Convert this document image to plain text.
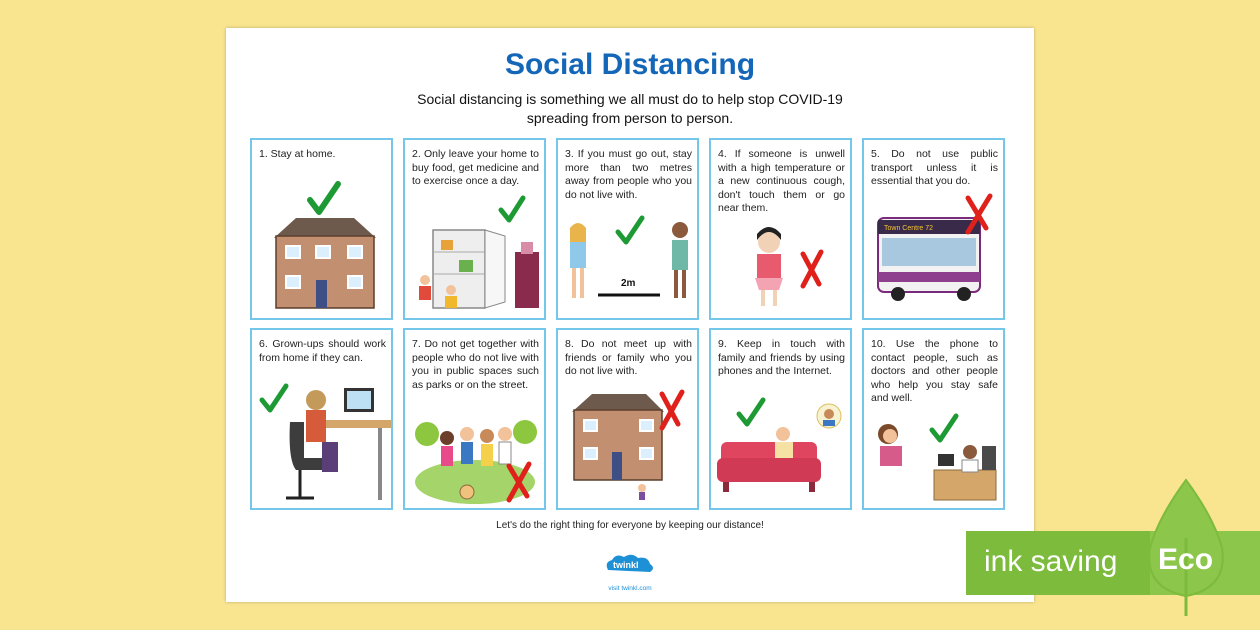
Social Distancing
Social distancing is something we all must do to help stop COVID-19 spreading from person to person.
1. Stay at home.	2. Only leave your home to buy food, get medicine and to exercise once a day.
2m
3. If you must go out, stay more than two metres away from people who you do not live with.
4. If someone is unwell with a high temperature or a new continuous cough, don't touch them or go near them.
Town Centre 72
5. Do not use public transport unless it is essential that you do.
6. Grown-ups should work from home if they can.
7. Do not get together with people who do not live with you in public spaces such as parks or on the street.
8. Do not meet up with friends or family who you do not live with.
9. Keep in touch with family and friends by using phones and the Internet.
10. Use the phone to contact people, such as doctors and other people who help you stay safe and well.
Let's do the right thing for everyone by keeping our distance!
twinkl
visit twinkl.com
ink saving Eco
